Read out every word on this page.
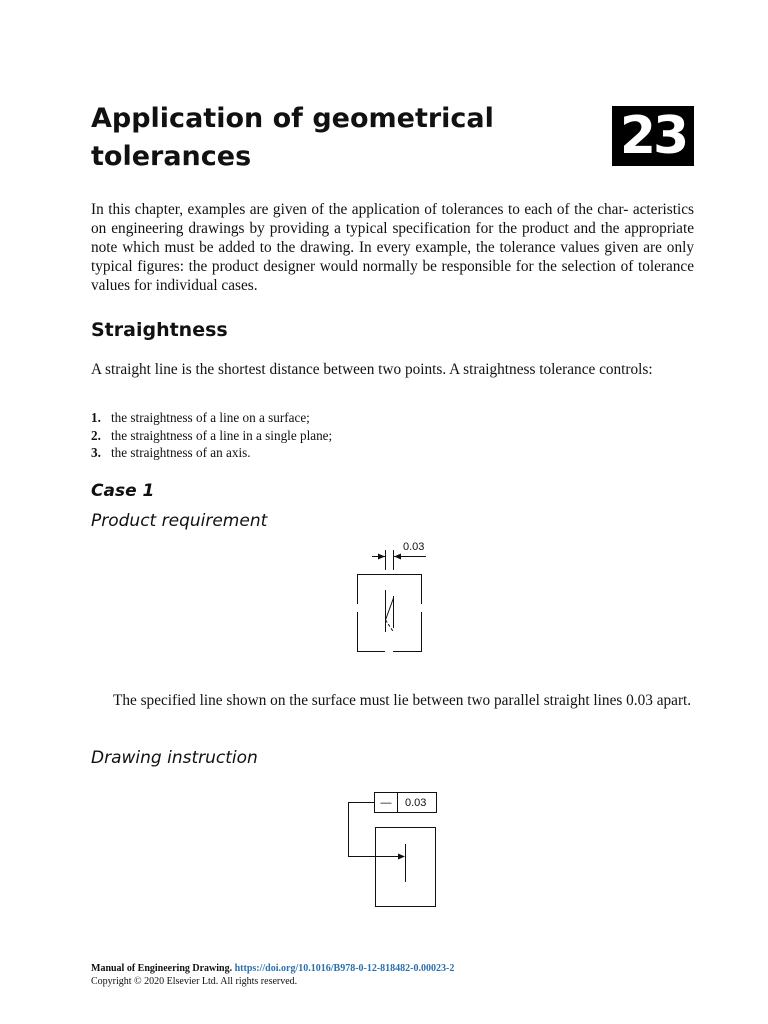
Application of geometrical
tolerances	23
In this chapter, examples are given of the application of tolerances to each of the char- acteristics on engineering drawings by providing a typical specification for the product and the appropriate note which must be added to the drawing. In every example, the tolerance values given are only typical figures: the product designer would normally be responsible for the selection of tolerance values for individual cases.
Straightness
A straight line is the shortest distance between two points. A straightness tolerance controls:
1. the straightness of a line on a surface;
2. the straightness of a line in a single plane;
3. the straightness of an axis.
Case 1
Product requirement
0.03
The specified line shown on the surface must lie between two parallel straight lines 0.03 apart.
Drawing instruction
— 0.03
Manual of Engineering Drawing. https://doi.org/10.1016/B978-0-12-818482-0.00023-2
Copyright © 2020 Elsevier Ltd. All rights reserved.
